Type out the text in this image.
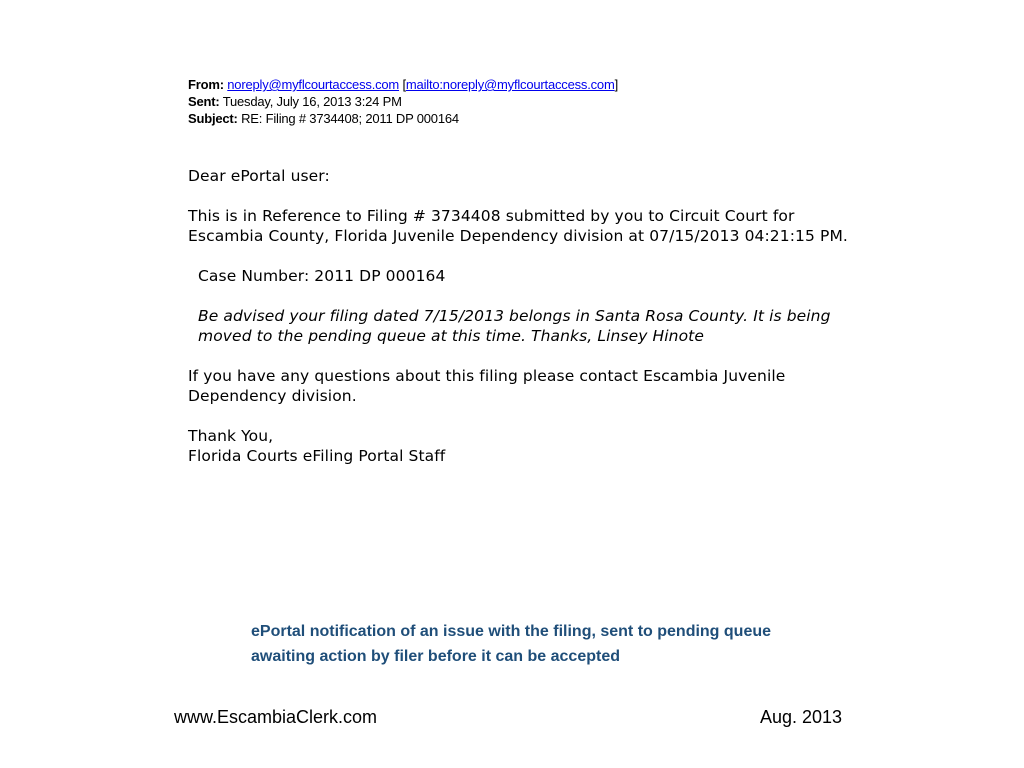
From: noreply@myflcourtaccess.com [mailto:noreply@myflcourtaccess.com]
Sent: Tuesday, July 16, 2013 3:24 PM
Subject: RE: Filing # 3734408; 2011 DP 000164

Dear ePortal user:

This is in Reference to Filing # 3734408 submitted by you to Circuit Court for Escambia County, Florida Juvenile Dependency division at 07/15/2013 04:21:15 PM.

Case Number: 2011 DP 000164

Be advised your filing dated 7/15/2013 belongs in Santa Rosa County. It is being moved to the pending queue at this time. Thanks, Linsey Hinote

If you have any questions about this filing please contact Escambia Juvenile Dependency division.

Thank You,

Florida Courts eFiling Portal Staff

ePortal notification of an issue with the filing, sent to pending queue
awaiting action by filer before it can be accepted
www.EscambiaClerk.com	Aug. 2013
